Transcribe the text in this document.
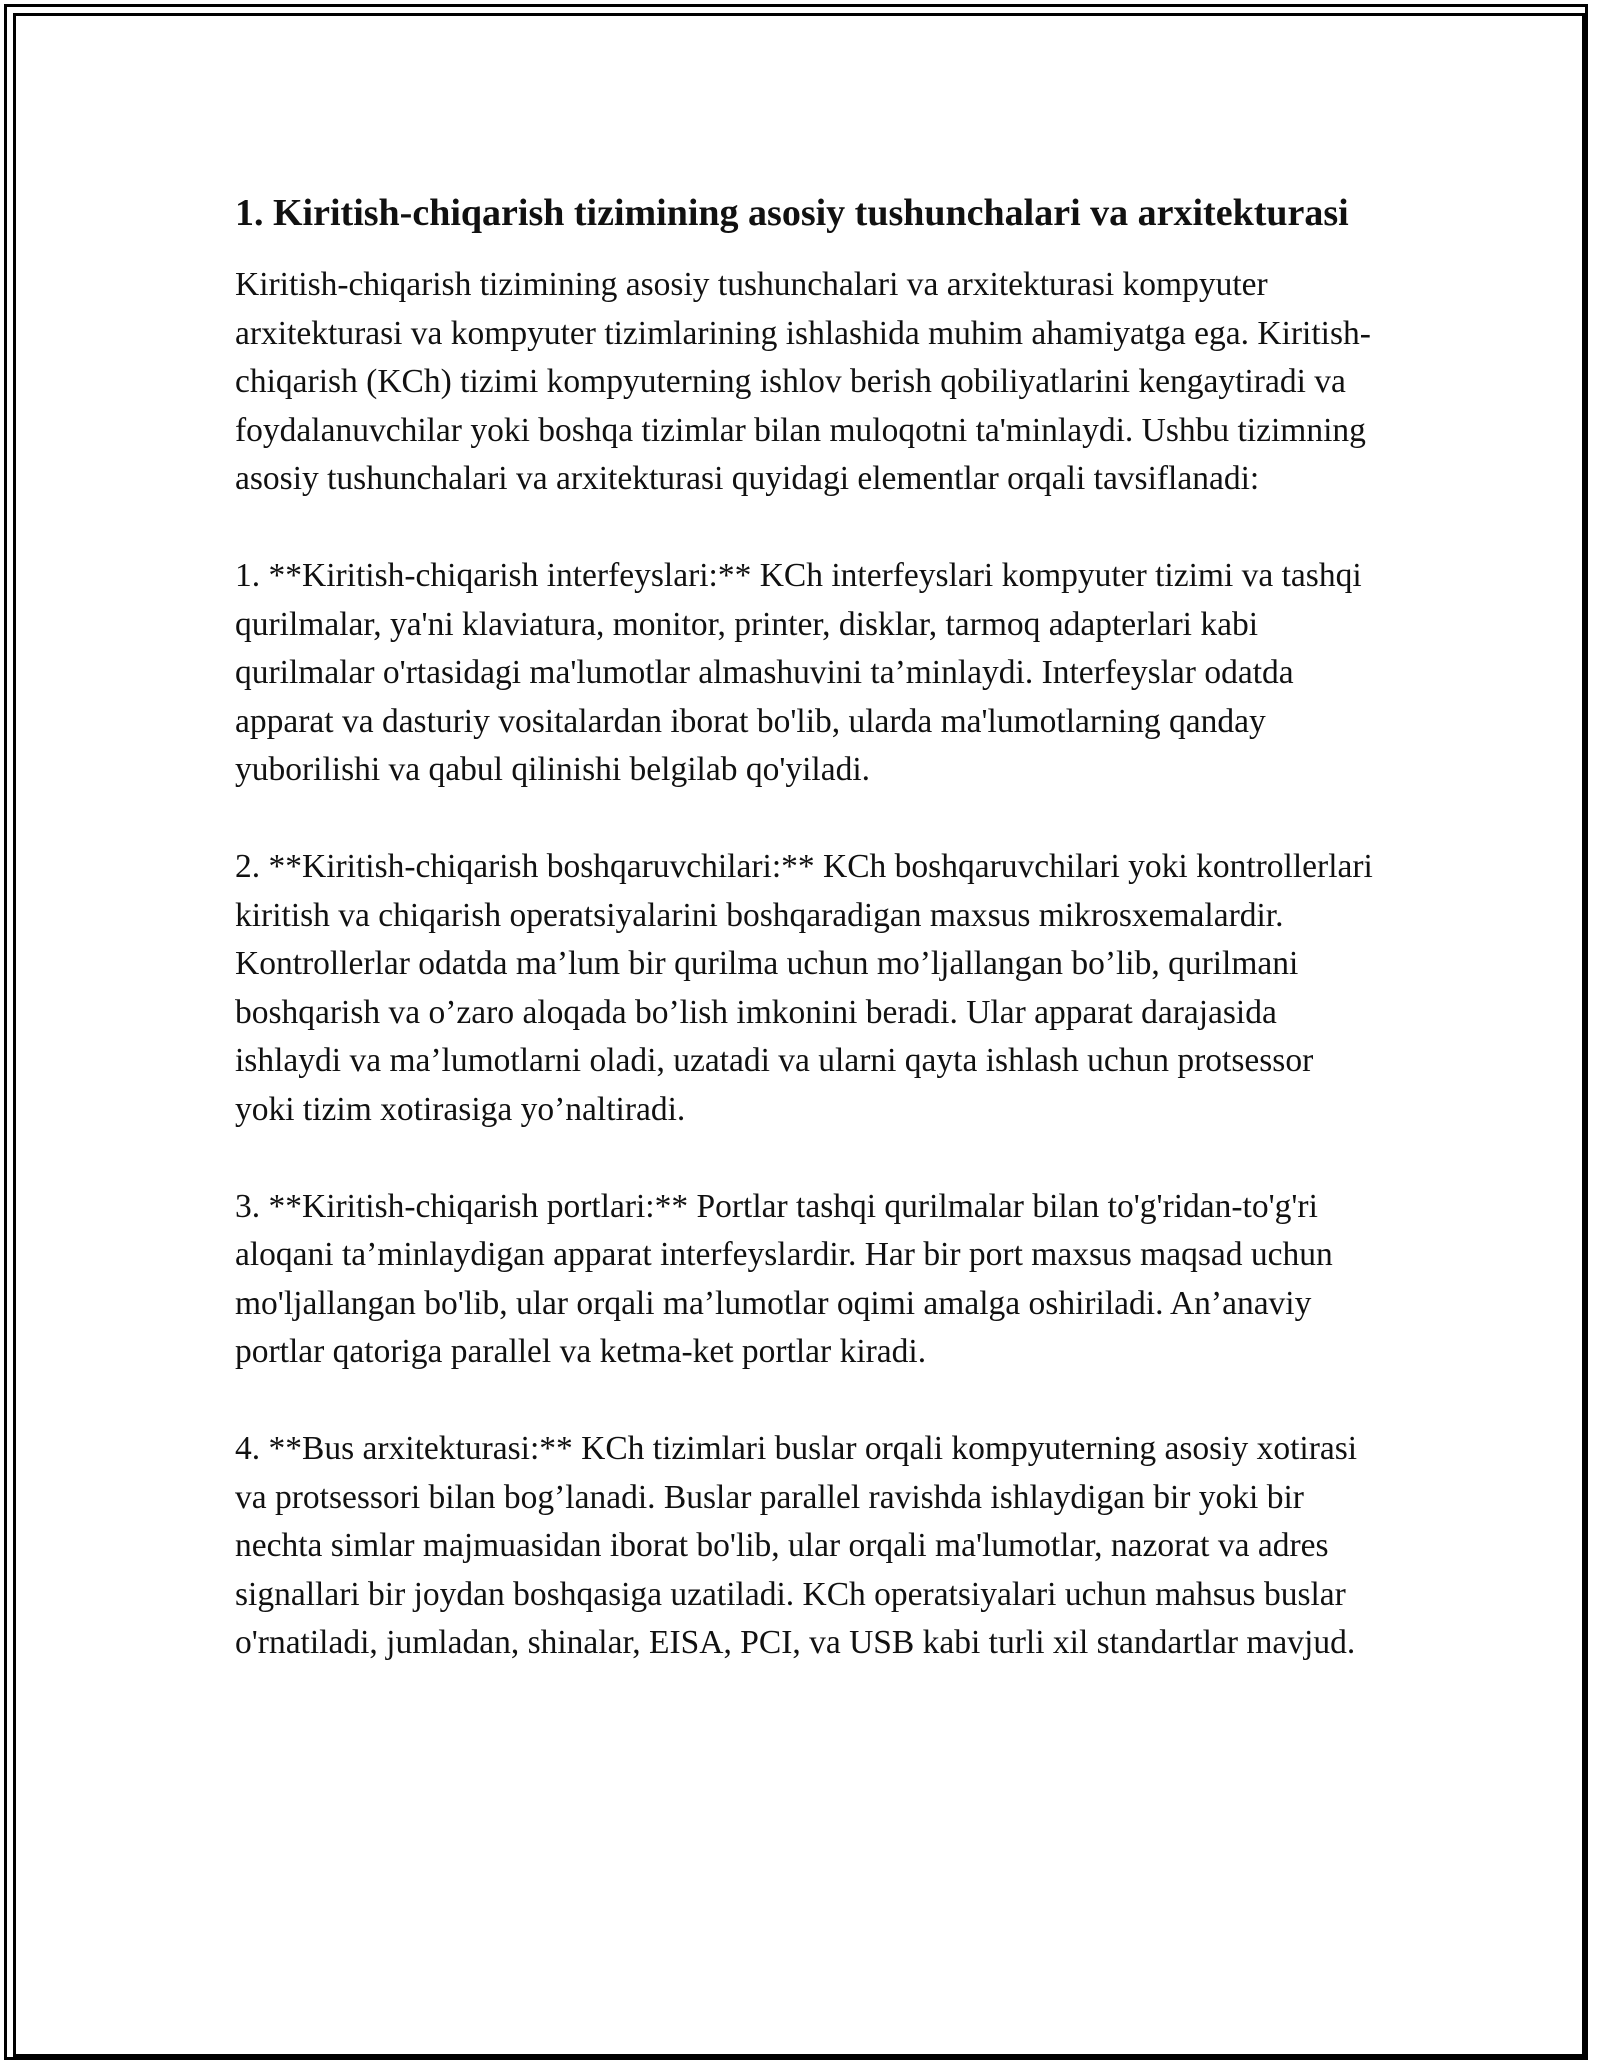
1. Kiritish-chiqarish tizimining asosiy tushunchalari va arxitekturasi

Kiritish-chiqarish tizimining asosiy tushunchalari va arxitekturasi kompyuter arxitekturasi va kompyuter tizimlarining ishlashida muhim ahamiyatga ega. Kiritish-chiqarish (KCh) tizimi kompyuterning ishlov berish qobiliyatlarini kengaytiradi va foydalanuvchilar yoki boshqa tizimlar bilan muloqotni ta'minlaydi. Ushbu tizimning asosiy tushunchalari va arxitekturasi quyidagi elementlar orqali tavsiflanadi:

1. **Kiritish-chiqarish interfeyslari:** KCh interfeyslari kompyuter tizimi va tashqi qurilmalar, ya'ni klaviatura, monitor, printer, disklar, tarmoq adapterlari kabi qurilmalar o'rtasidagi ma'lumotlar almashuvini ta’minlaydi. Interfeyslar odatda apparat va dasturiy vositalardan iborat bo'lib, ularda ma'lumotlarning qanday yuborilishi va qabul qilinishi belgilab qo'yiladi.

2. **Kiritish-chiqarish boshqaruvchilari:** KCh boshqaruvchilari yoki kontrollerlari kiritish va chiqarish operatsiyalarini boshqaradigan maxsus mikrosxemalardir. Kontrollerlar odatda ma’lum bir qurilma uchun mo’ljallangan bo’lib, qurilmani boshqarish va o’zaro aloqada bo’lish imkonini beradi. Ular apparat darajasida ishlaydi va ma’lumotlarni oladi, uzatadi va ularni qayta ishlash uchun protsessor yoki tizim xotirasiga yo’naltiradi.

3. **Kiritish-chiqarish portlari:** Portlar tashqi qurilmalar bilan to'g'ridan-to'g'ri aloqani ta’minlaydigan apparat interfeyslardir. Har bir port maxsus maqsad uchun mo'ljallangan bo'lib, ular orqali ma’lumotlar oqimi amalga oshiriladi. An’anaviy portlar qatoriga parallel va ketma-ket portlar kiradi.

4. **Bus arxitekturasi:** KCh tizimlari buslar orqali kompyuterning asosiy xotirasi va protsessori bilan bog’lanadi. Buslar parallel ravishda ishlaydigan bir yoki bir nechta simlar majmuasidan iborat bo'lib, ular orqali ma'lumotlar, nazorat va adres signallari bir joydan boshqasiga uzatiladi. KCh operatsiyalari uchun mahsus buslar o'rnatiladi, jumladan, shinalar, EISA, PCI, va USB kabi turli xil standartlar mavjud.
